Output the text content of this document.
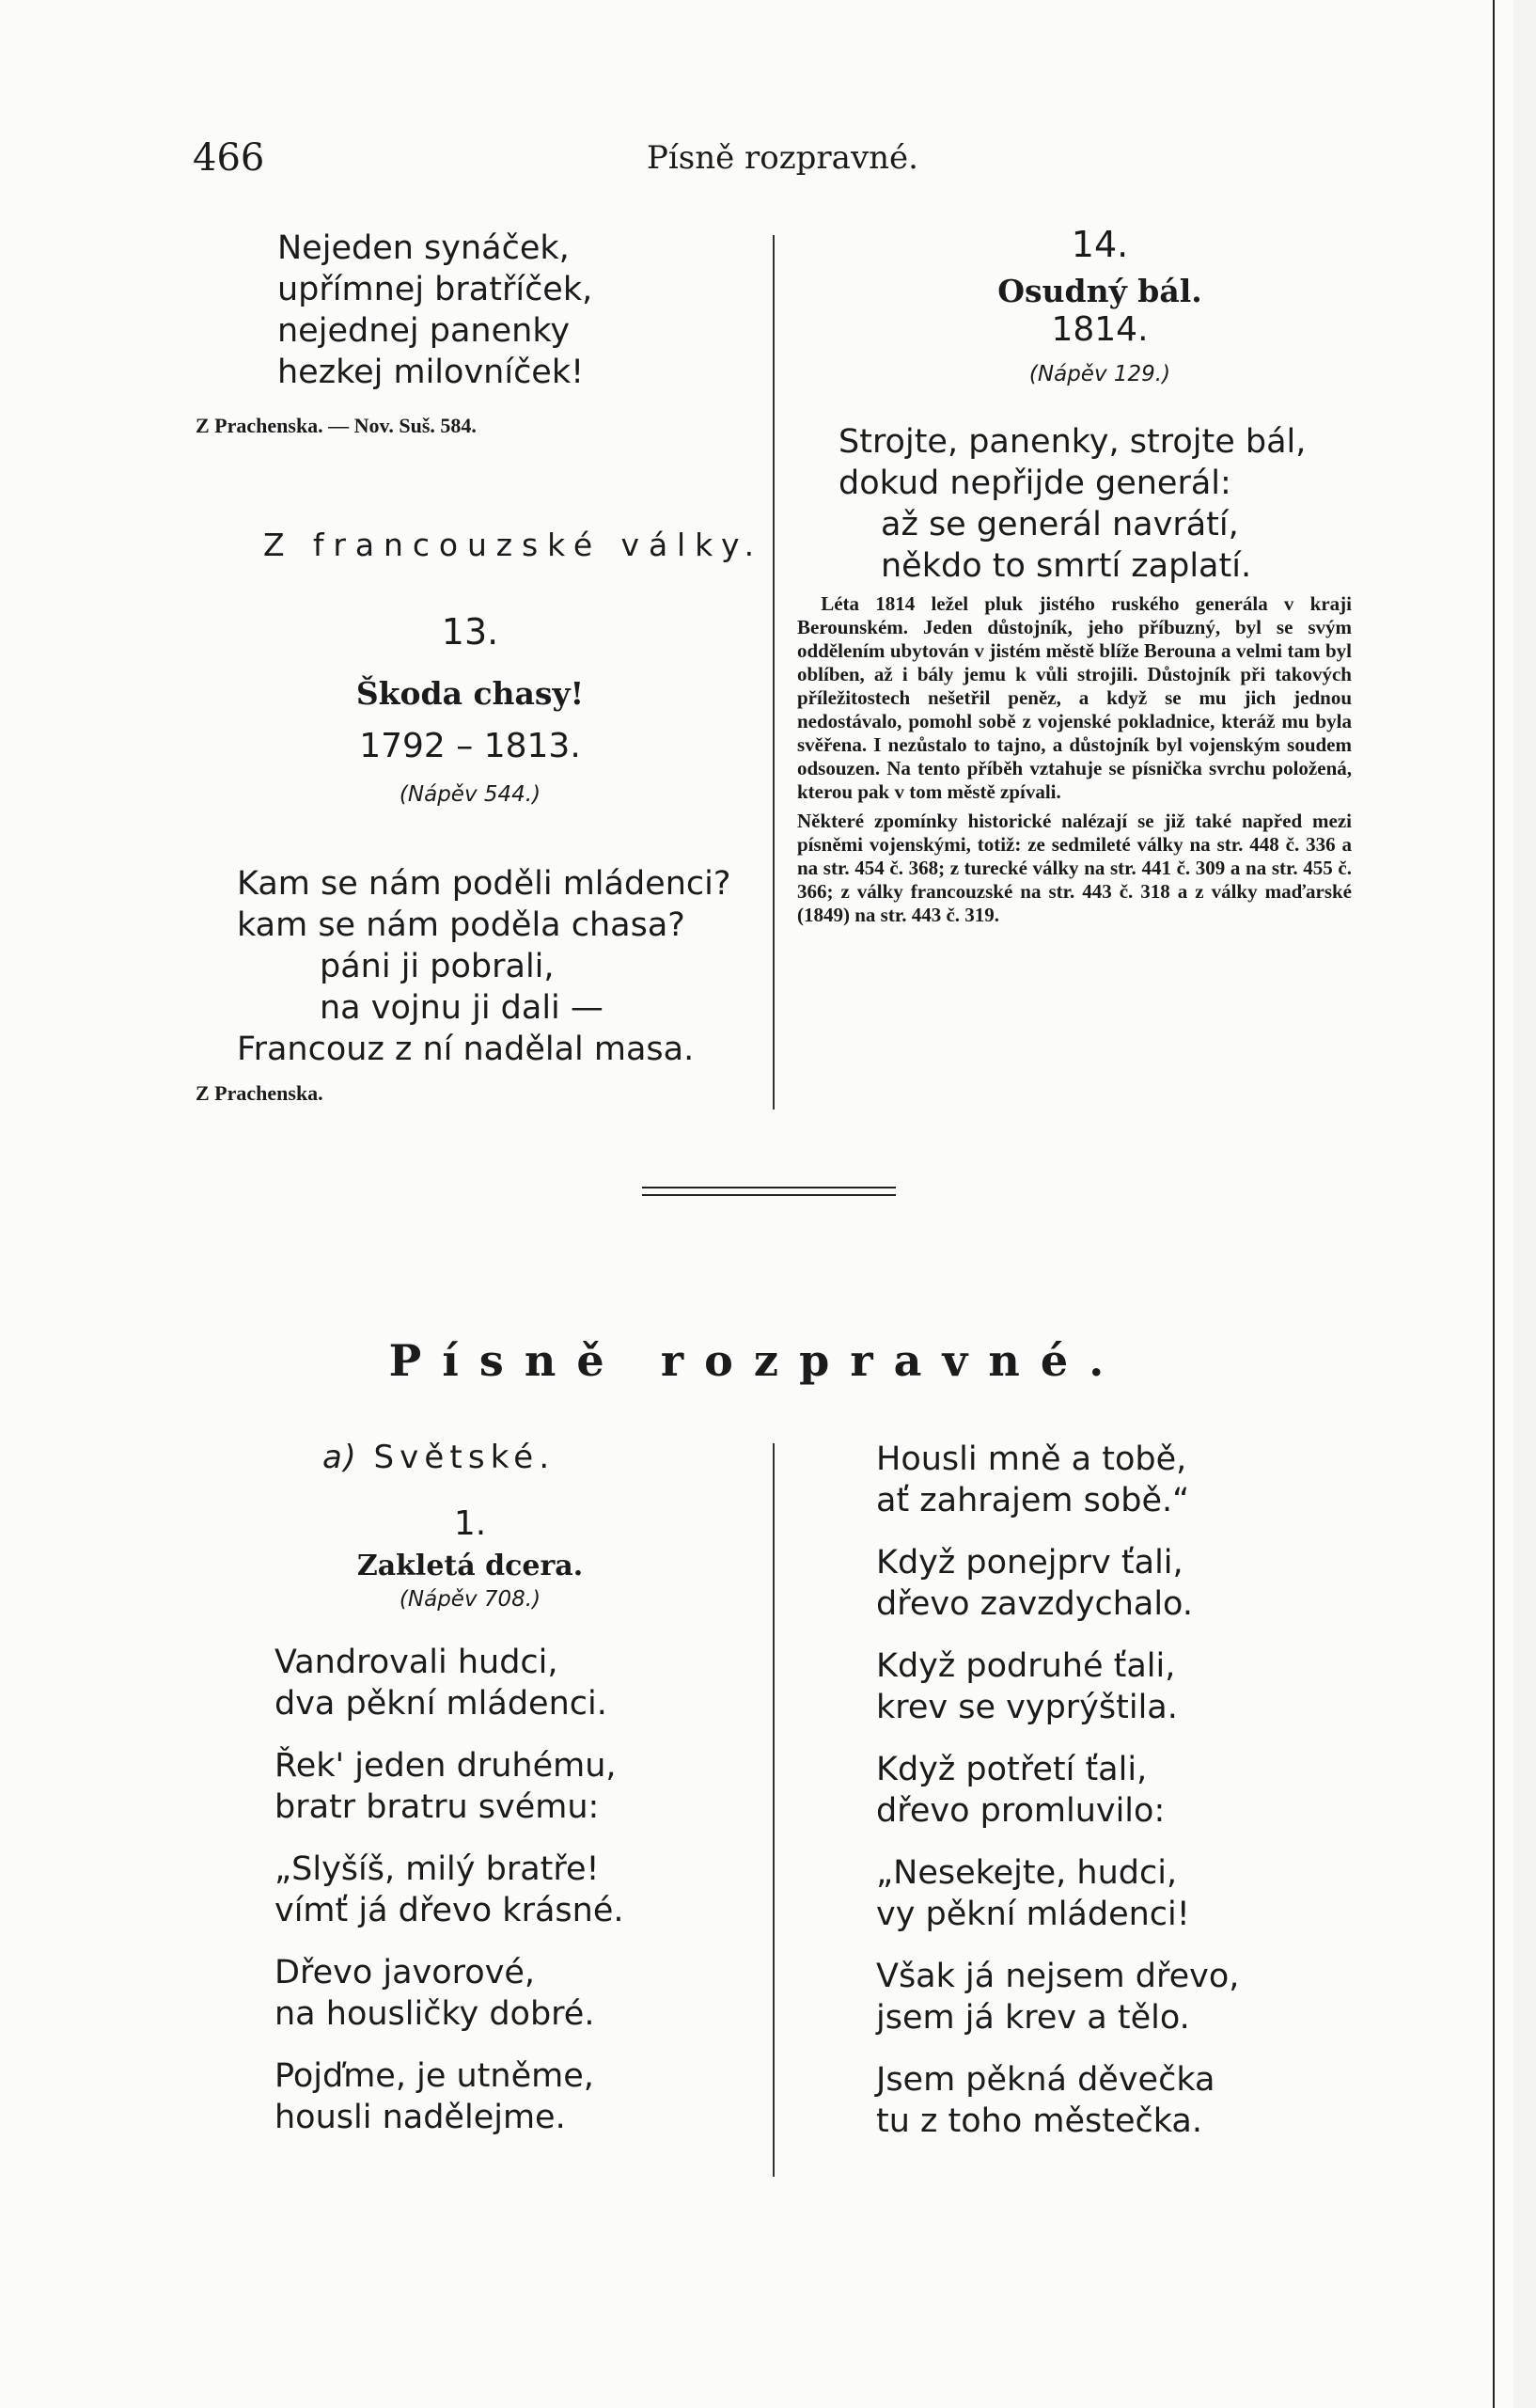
466	Písně rozpravné.
Nejeden synáček,
upřímnej bratříček,
nejednej panenky
hezkej milovníček!
Z Prachenska. — Nov. Suš. 584.
Z francouzské války.
13.
Škoda chasy!
1792 – 1813.
(Nápěv 544.)
Kam se nám poděli mládenci?
kam se nám poděla chasa?
páni ji pobrali,
na vojnu ji dali —
Francouz z ní nadělal masa.
Z Prachenska.
14.
Osudný bál.
1814.
(Nápěv 129.)
Strojte, panenky, strojte bál,
dokud nepřijde generál:
až se generál navrátí,
někdo to smrtí zaplatí.
Léta 1814 ležel pluk jistého ruského generála v kraji Berounském. Jeden důstojník, jeho příbuzný, byl se svým oddělením ubytován v jistém městě blíže Berouna a velmi tam byl oblíben, až i bály jemu k vůli strojili. Důstojník při takových příležitostech nešetřil peněz, a když se mu jich jednou nedostávalo, pomohl sobě z vojenské pokladnice, kteráž mu byla svěřena. I nezůstalo to tajno, a důstojník byl vojenským soudem odsouzen. Na tento příběh vztahuje se písnička svrchu položená, kterou pak v tom městě zpívali.
Některé zpomínky historické nalézají se již také napřed mezi písněmi vojenskými, totiž: ze sedmileté války na str. 448 č. 336 a na str. 454 č. 368; z turecké války na str. 441 č. 309 a na str. 455 č. 366; z války francouzské na str. 443 č. 318 a z války maďarské (1849) na str. 443 č. 319.
Písně rozpravné.
a) Světské.
1.
Zakletá dcera.
(Nápěv 708.)
Vandrovali hudci,
dva pěkní mládenci.
Řek' jeden druhému,
bratr bratru svému:
„Slyšíš, milý bratře!
vímť já dřevo krásné.
Dřevo javorové,
na housličky dobré.
Pojďme, je utněme,
housli nadělejme.
Housli mně a tobě,
ať zahrajem sobě.“
Když ponejprv ťali,
dřevo zavzdychalo.
Když podruhé ťali,
krev se vyprýštila.
Když potřetí ťali,
dřevo promluvilo:
„Nesekejte, hudci,
vy pěkní mládenci!
Však já nejsem dřevo,
jsem já krev a tělo.
Jsem pěkná děvečka
tu z toho městečka.
